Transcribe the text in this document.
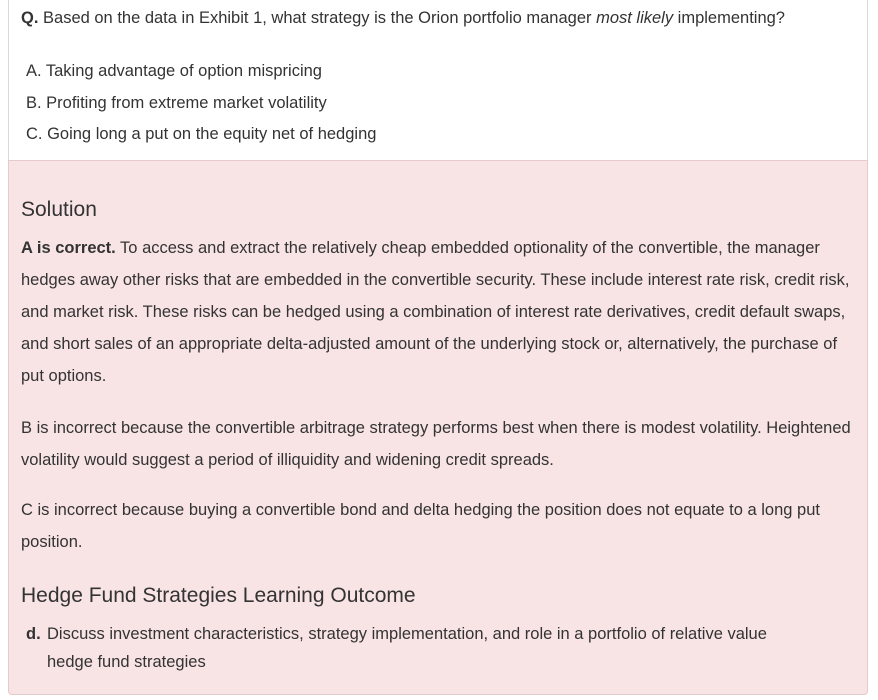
Q. Based on the data in Exhibit 1, what strategy is the Orion portfolio manager most likely implementing?
A. Taking advantage of option mispricing
B. Profiting from extreme market volatility
C. Going long a put on the equity net of hedging
Solution

A is correct. To access and extract the relatively cheap embedded optionality of the convertible, the manager hedges away other risks that are embedded in the convertible security. These include interest rate risk, credit risk, and market risk. These risks can be hedged using a combination of interest rate derivatives, credit default swaps, and short sales of an appropriate delta-adjusted amount of the underlying stock or, alternatively, the purchase of put options.

B is incorrect because the convertible arbitrage strategy performs best when there is modest volatility. Heightened volatility would suggest a period of illiquidity and widening credit spreads.

C is incorrect because buying a convertible bond and delta hedging the position does not equate to a long put position.

Hedge Fund Strategies Learning Outcome
d. Discuss investment characteristics, strategy implementation, and role in a portfolio of relative value
hedge fund strategies
